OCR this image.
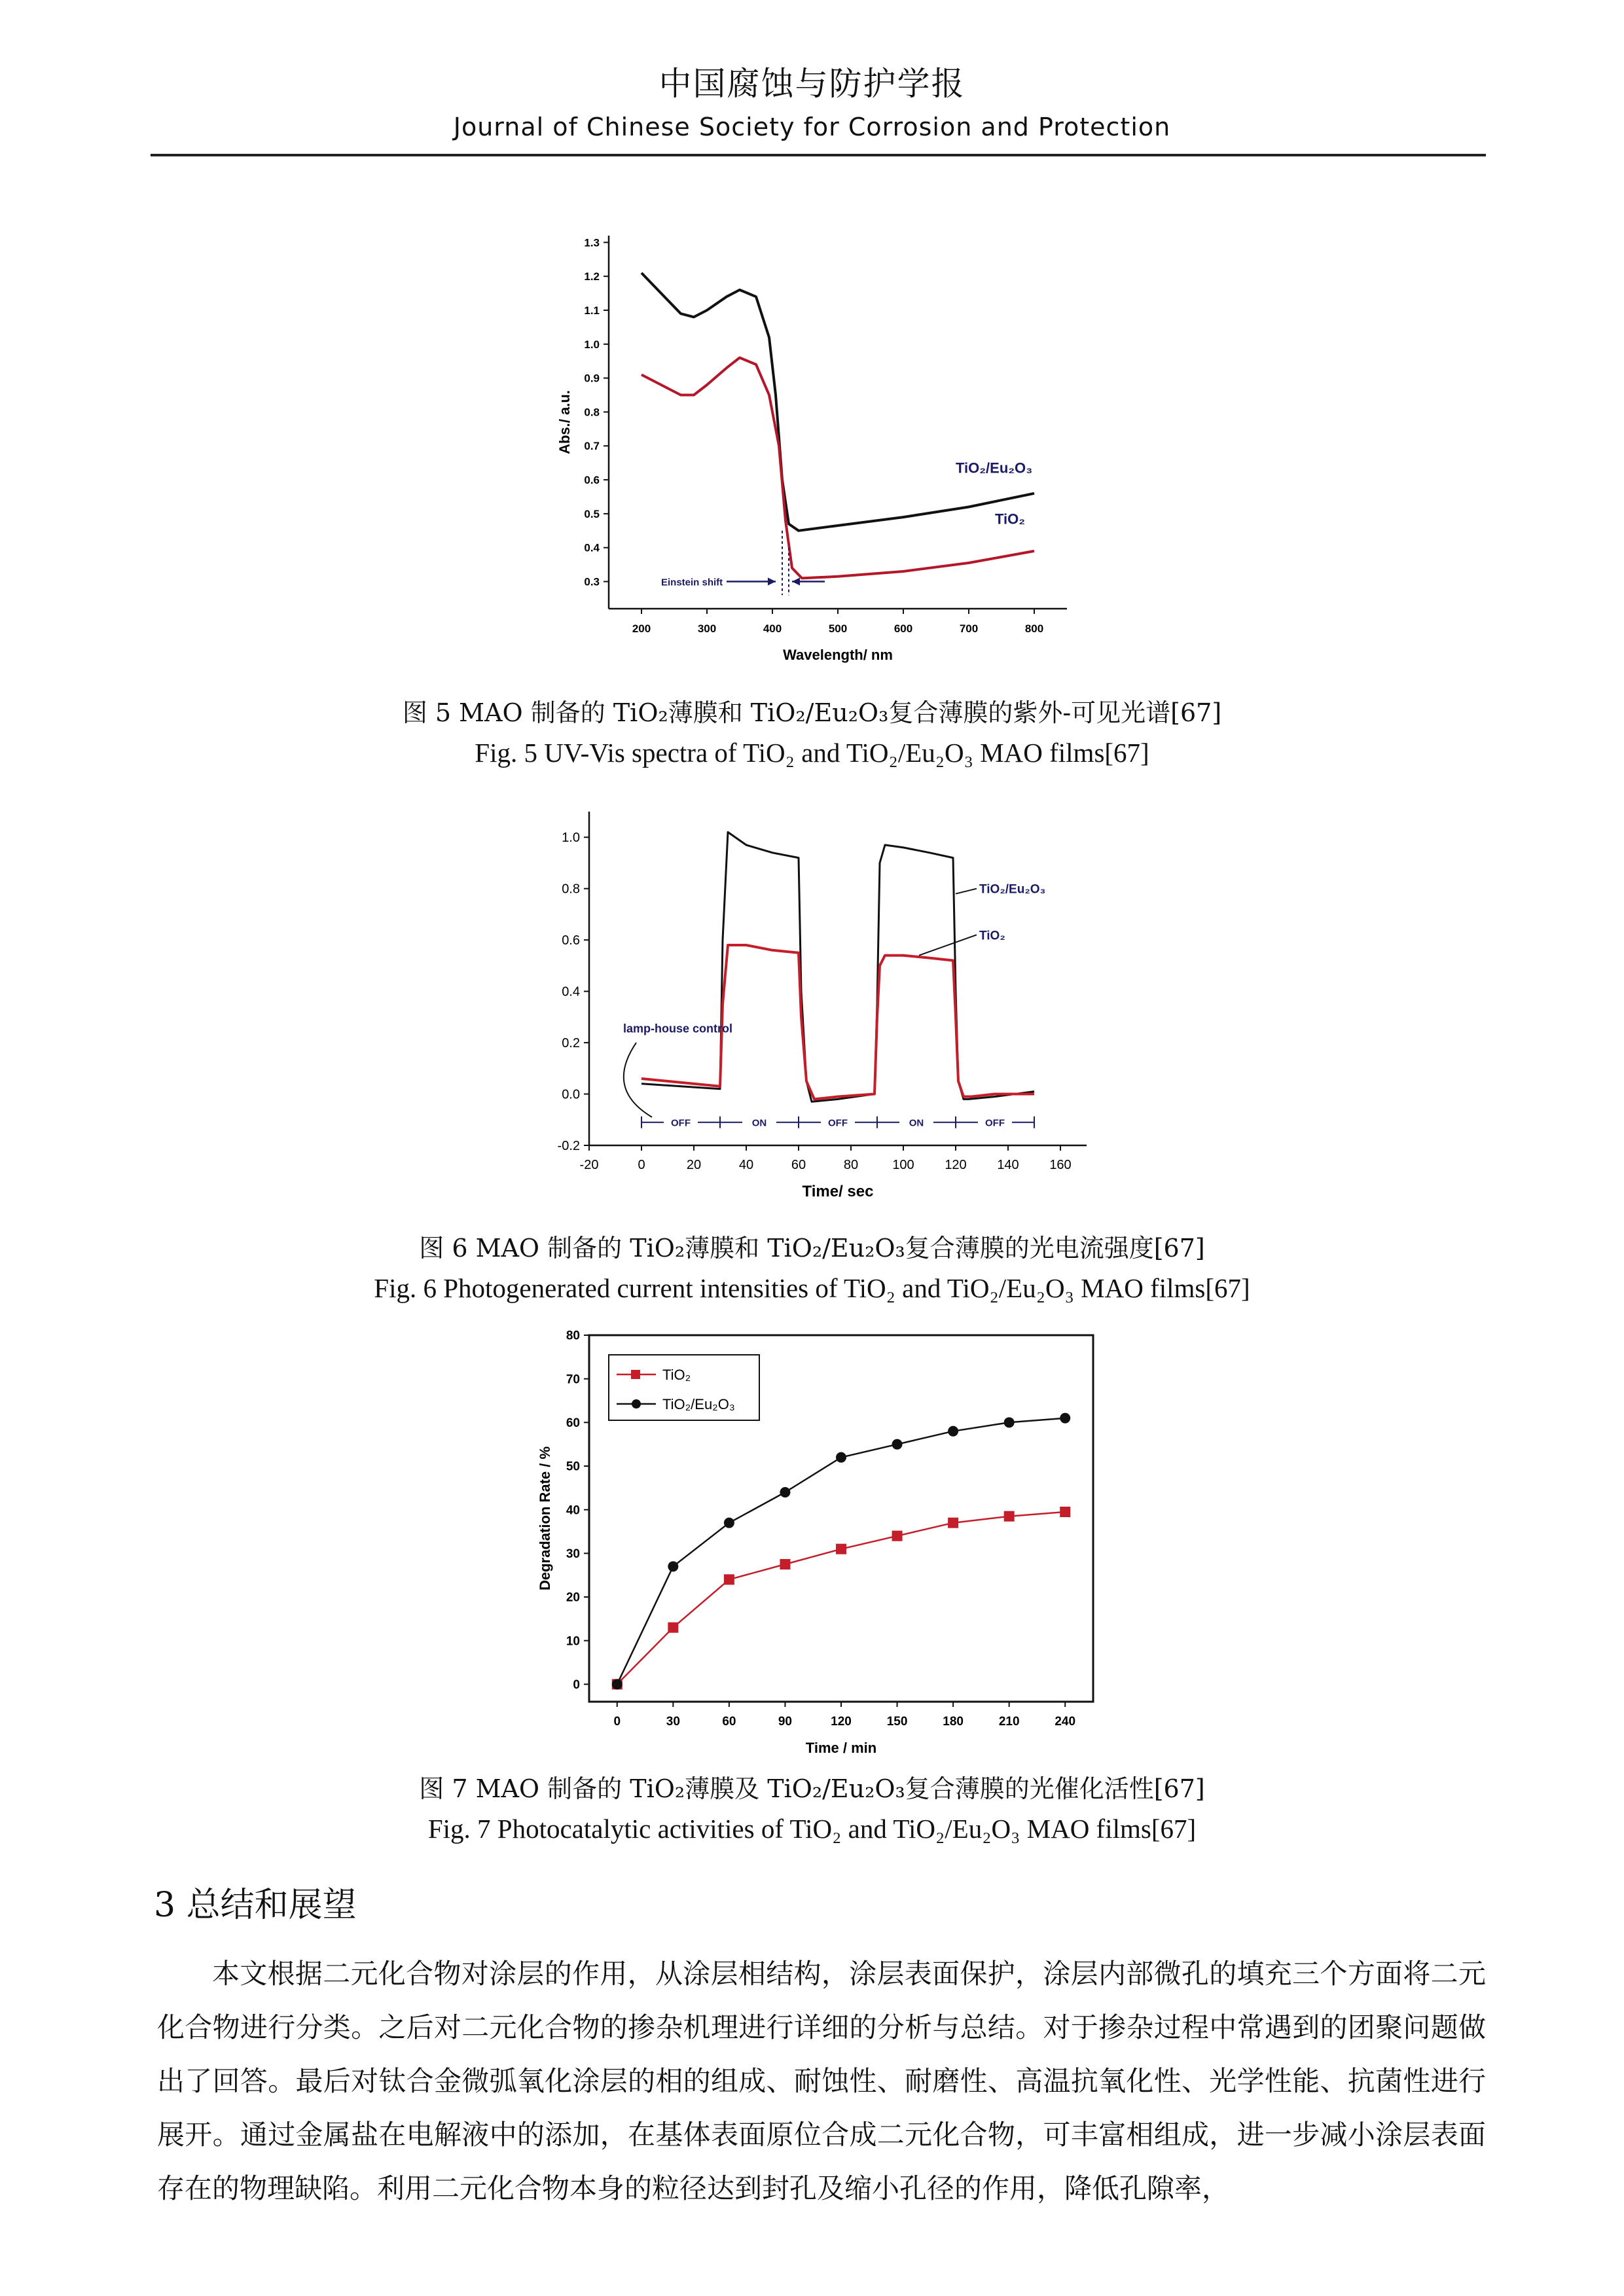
中国腐蚀与防护学报
Journal of Chinese Society for Corrosion and Protection
200	300	400	500	600	700	800
0.3
0.4
0.5
0.6
0.7
0.8
0.9
1.0
1.1
1.2
1.3
Wavelength/ nm
Abs./ a.u.
TiO₂/Eu₂O₃
TiO₂
Einstein shift
图 5 MAO 制备的 TiO₂薄膜和 TiO₂/Eu₂O₃复合薄膜的紫外-可见光谱[67]
Fig. 5 UV-Vis spectra of TiO₂ and TiO₂/Eu₂O₃ MAO films[67]
-20	0	20	40	60	80	100 120 140 160
-0.2
0.0
0.2
0.4
0.6
0.8
1.0
Time/ sec
TiO₂/Eu₂O₃
TiO₂
lamp-house control
OFF	ON	OFF	ON	OFF
图 6 MAO 制备的 TiO₂薄膜和 TiO₂/Eu₂O₃复合薄膜的光电流强度[67]
Fig. 6 Photogenerated current intensities of TiO₂ and TiO₂/Eu₂O₃ MAO films[67]
0	30	60	90	120	150	180	210	240
0
10
20
30
40
50
60
70
80
Time / min
Degradation Rate / %
TiO₂
TiO₂/Eu₂O₃
图 7 MAO 制备的 TiO₂薄膜及 TiO₂/Eu₂O₃复合薄膜的光催化活性[67]
Fig. 7 Photocatalytic activities of TiO₂ and TiO₂/Eu₂O₃ MAO films[67]
3 总结和展望
本文根据二元化合物对涂层的作用，从涂层相结构，涂层表面保护，涂层内部微孔的填充三个方面将二元化合物进行分类。之后对二元化合物的掺杂机理进行详细的分析与总结。对于掺杂过程中常遇到的团聚问题做出了回答。最后对钛合金微弧氧化涂层的相的组成、耐蚀性、耐磨性、高温抗氧化性、光学性能、抗菌性进行展开。通过金属盐在电解液中的添加，在基体表面原位合成二元化合物，可丰富相组成，进一步减小涂层表面存在的物理缺陷。利用二元化合物本身的粒径达到封孔及缩小孔径的作用，降低孔隙率，
